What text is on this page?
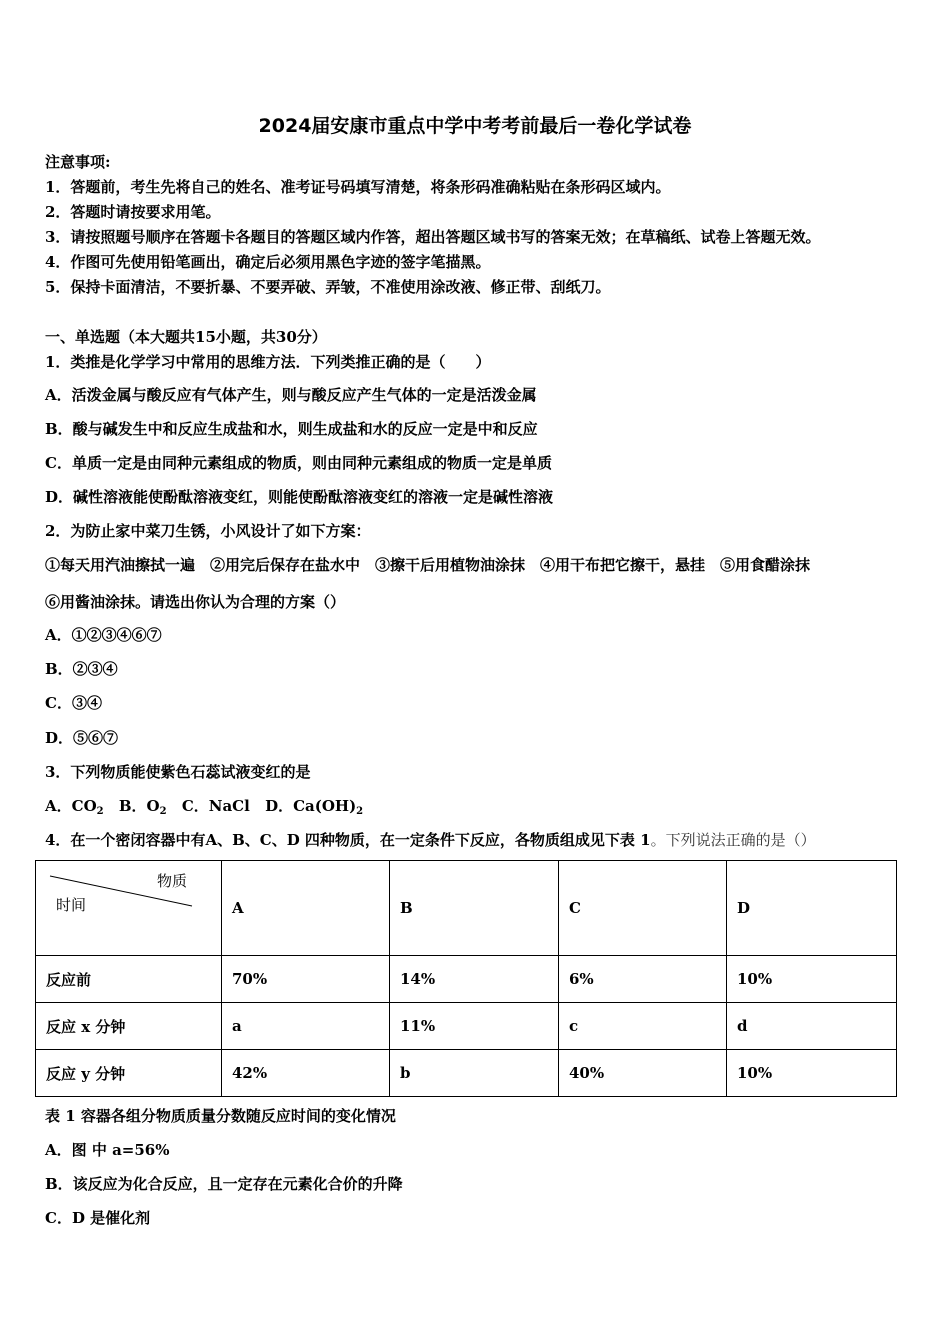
2024届安康市重点中学中考考前最后一卷化学试卷
注意事项:
1．答题前，考生先将自己的姓名、准考证号码填写清楚，将条形码准确粘贴在条形码区域内。
2．答题时请按要求用笔。
3．请按照题号顺序在答题卡各题目的答题区域内作答，超出答题区域书写的答案无效；在草稿纸、试卷上答题无效。
4．作图可先使用铅笔画出，确定后必须用黑色字迹的签字笔描黑。
5．保持卡面清洁，不要折暴、不要弄破、弄皱，不准使用涂改液、修正带、刮纸刀。
一、单选题（本大题共15小题，共30分）
1．类推是化学学习中常用的思维方法．下列类推正确的是（　　）
A．活泼金属与酸反应有气体产生，则与酸反应产生气体的一定是活泼金属
B．酸与碱发生中和反应生成盐和水，则生成盐和水的反应一定是中和反应
C．单质一定是由同种元素组成的物质，则由同种元素组成的物质一定是单质
D．碱性溶液能使酚酞溶液变红，则能使酚酞溶液变红的溶液一定是碱性溶液
2．为防止家中菜刀生锈，小风设计了如下方案：
①每天用汽油擦拭一遍　②用完后保存在盐水中　③擦干后用植物油涂抹　④用干布把它擦干，悬挂　⑤用食醋涂抹
⑥用酱油涂抹。请选出你认为合理的方案（）
A．①②③④⑥⑦
B．②③④
C．③④
D．⑤⑥⑦
3．下列物质能使紫色石蕊试液变红的是
A．$CO_2$ B．$O_2$ C．NaCl D．$Ca(OH)_2$
4．在一个密闭容器中有A、B、C、D 四种物质，在一定条件下反应，各物质组成见下表 1。下列说法正确的是（）
物质
时间	A	B	C	D
反应前	70%	14%	6%	10%
反应 x 分钟	a	11%	c	d
反应 y 分钟	42%	b	40%	10%
表 1 容器各组分物质质量分数随反应时间的变化情况
A．图 中 a=56%
B．该反应为化合反应，且一定存在元素化合价的升降
C．D 是催化剂
